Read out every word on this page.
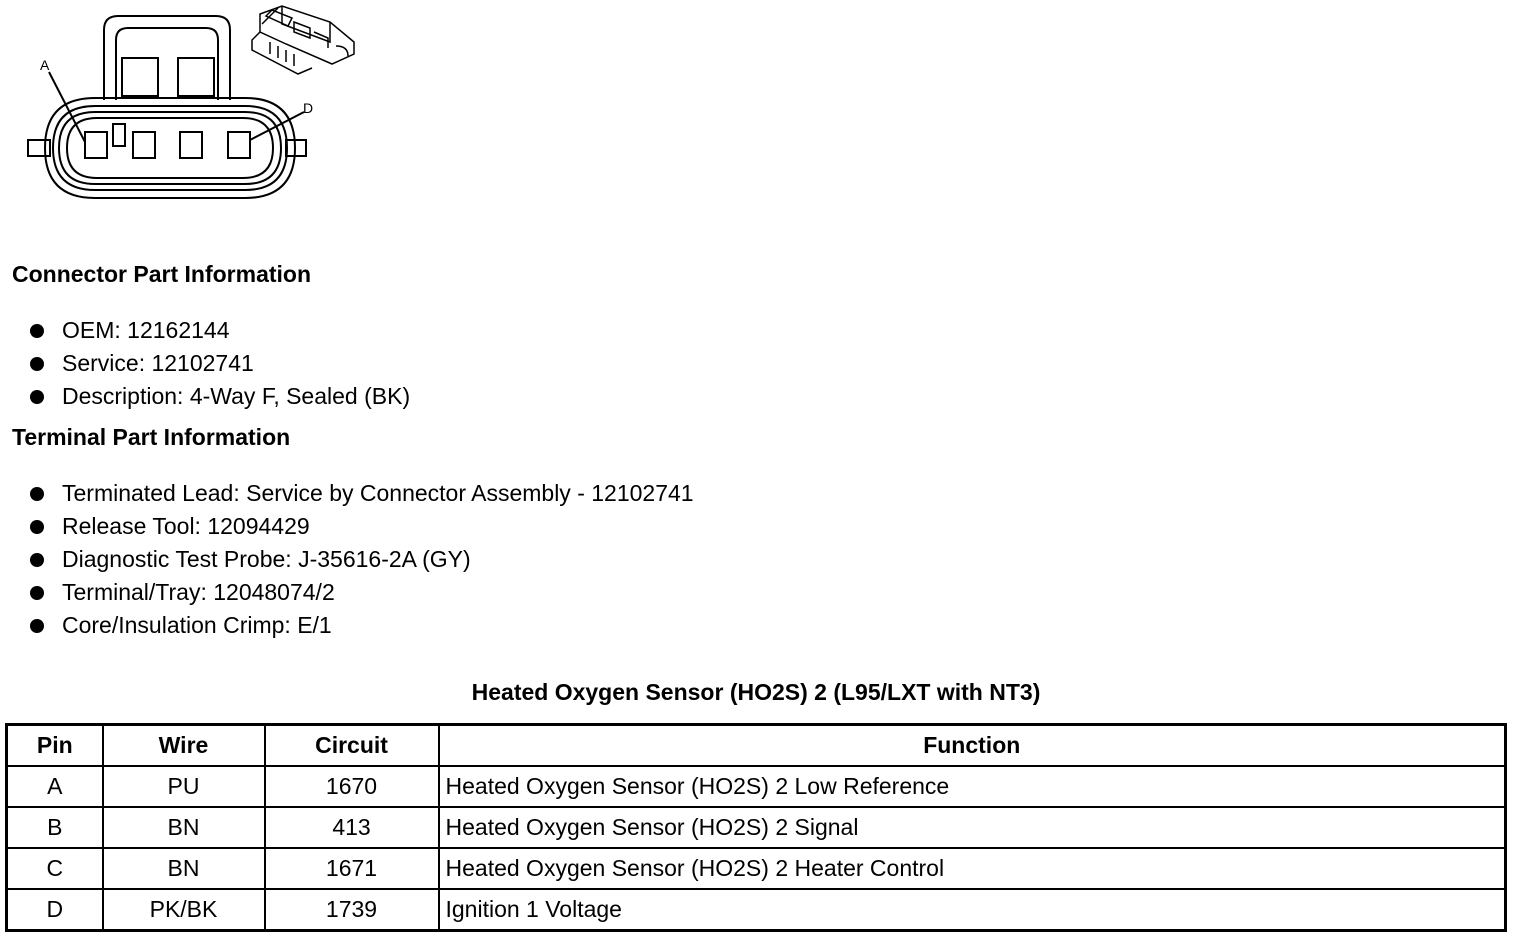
A
D
Connector Part Information
OEM: 12162144
Service: 12102741
Description: 4-Way F, Sealed (BK)
Terminal Part Information
Terminated Lead: Service by Connector Assembly - 12102741
Release Tool: 12094429
Diagnostic Test Probe: J-35616-2A (GY)
Terminal/Tray: 12048074/2
Core/Insulation Crimp: E/1
Heated Oxygen Sensor (HO2S) 2 (L95/LXT with NT3)
Pin	Wire	Circuit	Function
A	PU	1670	Heated Oxygen Sensor (HO2S) 2 Low Reference
B	BN	413	Heated Oxygen Sensor (HO2S) 2 Signal
C	BN	1671	Heated Oxygen Sensor (HO2S) 2 Heater Control
D	PK/BK	1739	Ignition 1 Voltage
